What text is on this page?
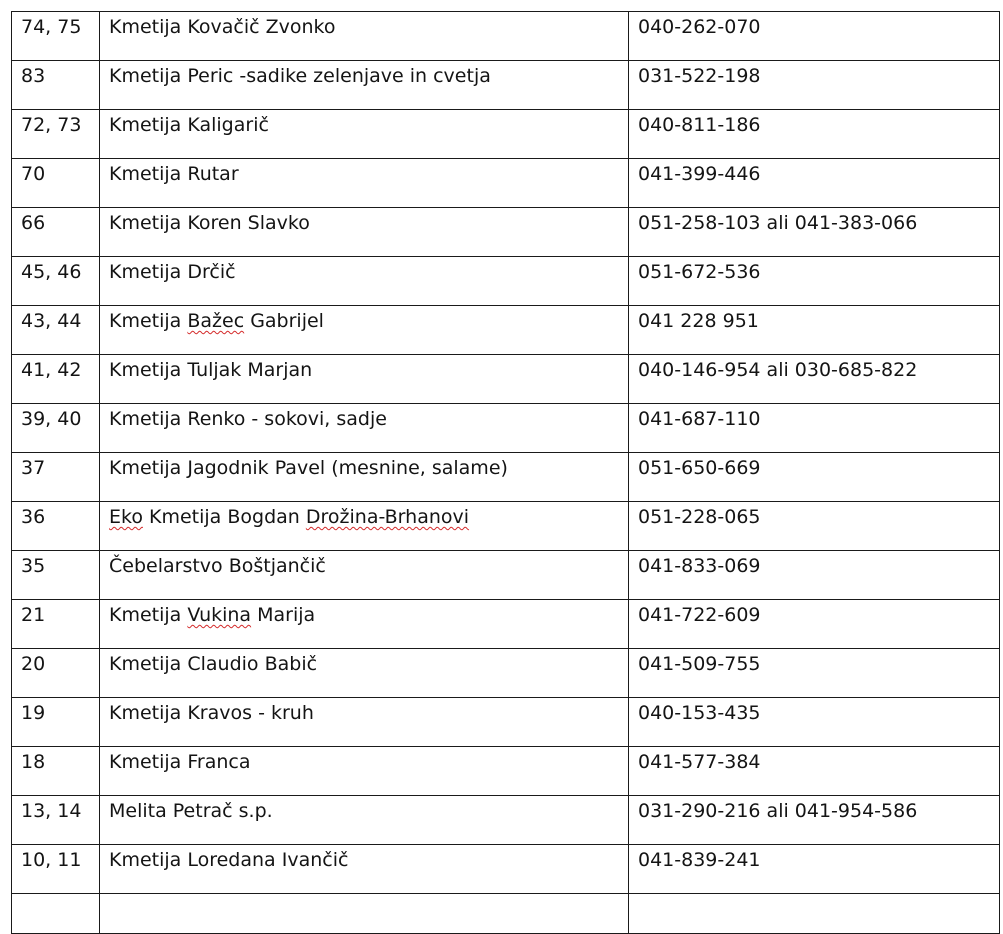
74, 75	Kmetija Kovačič Zvonko	040-262-070
83	Kmetija Peric -sadike zelenjave in cvetja	031-522-198
72, 73	Kmetija Kaligarič	040-811-186
70	Kmetija Rutar	041-399-446
66	Kmetija Koren Slavko	051-258-103 ali 041-383-066
45, 46	Kmetija Drčič	051-672-536
43, 44	Kmetija Bažec Gabrijel	041 228 951
41, 42	Kmetija Tuljak Marjan	040-146-954 ali 030-685-822
39, 40	Kmetija Renko - sokovi, sadje	041-687-110
37	Kmetija Jagodnik Pavel (mesnine, salame)	051-650-669
36	Eko Kmetija Bogdan Drožina-Brhanovi	051-228-065
35	Čebelarstvo Boštjančič	041-833-069
21	Kmetija Vukina Marija	041-722-609
20	Kmetija Claudio Babič	041-509-755
19	Kmetija Kravos - kruh	040-153-435
18	Kmetija Franca	041-577-384
13, 14	Melita Petrač s.p.	031-290-216 ali 041-954-586
10, 11	Kmetija Loredana Ivančič	041-839-241
